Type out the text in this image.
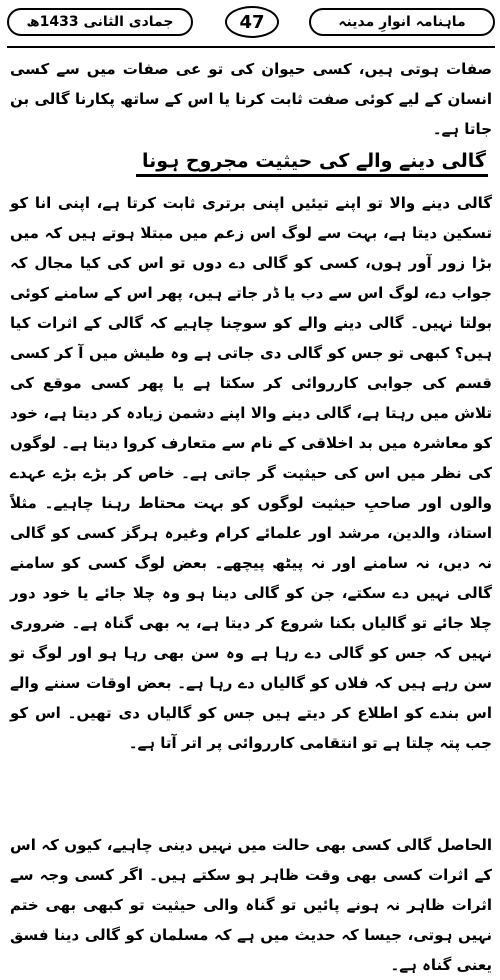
جمادی الثانی 1433ھ	47	ماہنامہ انوارِ مدینہ

صفات ہوتی ہیں، کسی حیوان کی تو عی صفات میں سے کسی انسان کے لیے کوئی صفت ثابت کرنا یا اس کے ساتھ پکارنا گالی بن جاتا ہے۔

گالی دینے والے کی حیثیت مجروح ہونا

گالی دینے والا تو اپنے تیئیں اپنی برتری ثابت کرتا ہے، اپنی انا کو تسکین دیتا ہے، بہت سے لوگ اس زعم میں مبتلا ہوتے ہیں کہ میں بڑا زور آور ہوں، کسی کو گالی دے دوں تو اس کی کیا مجال کہ جواب دے، لوگ اس سے دب یا ڈر جاتے ہیں، پھر اس کے سامنے کوئی بولتا نہیں۔ گالی دینے والے کو سوچنا چاہیے کہ گالی کے اثرات کیا ہیں؟ کبھی تو جس کو گالی دی جاتی ہے وہ طیش میں آ کر کسی قسم کی جوابی کارروائی کر سکتا ہے یا پھر کسی موقع کی تلاش میں رہتا ہے، گالی دینے والا اپنے دشمن زیادہ کر دیتا ہے، خود کو معاشرہ میں بد اخلاقی کے نام سے متعارف کروا دیتا ہے۔ لوگوں کی نظر میں اس کی حیثیت گر جاتی ہے۔ خاص کر بڑے بڑے عہدے والوں اور صاحبِ حیثیت لوگوں کو بہت محتاط رہنا چاہیے۔ مثلاً استاذ، والدین، مرشد اور علمائے کرام وغیرہ ہرگز کسی کو گالی نہ دیں، نہ سامنے اور نہ پیٹھ پیچھے۔ بعض لوگ کسی کو سامنے گالی نہیں دے سکتے، جن کو گالی دینا ہو وہ چلا جائے یا خود دور چلا جائے تو گالیاں بکنا شروع کر دیتا ہے، یہ بھی گناہ ہے۔ ضروری نہیں کہ جس کو گالی دے رہا ہے وہ سن بھی رہا ہو اور لوگ تو سن رہے ہیں کہ فلاں کو گالیاں دے رہا ہے۔ بعض اوقات سننے والے اس بندے کو اطلاع کر دیتے ہیں جس کو گالیاں دی تھیں۔ اس کو جب پتہ چلتا ہے تو انتقامی کارروائی پر اتر آتا ہے۔

الحاصل گالی کسی بھی حالت میں نہیں دینی چاہیے، کیوں کہ اس کے اثرات کسی بھی وقت ظاہر ہو سکتے ہیں۔ اگر کسی وجہ سے اثرات ظاہر نہ ہونے پائیں تو گناہ والی حیثیت تو کبھی بھی ختم نہیں ہوتی، جیسا کہ حدیث میں ہے کہ مسلمان کو گالی دینا فسق یعنی گناہ ہے۔
